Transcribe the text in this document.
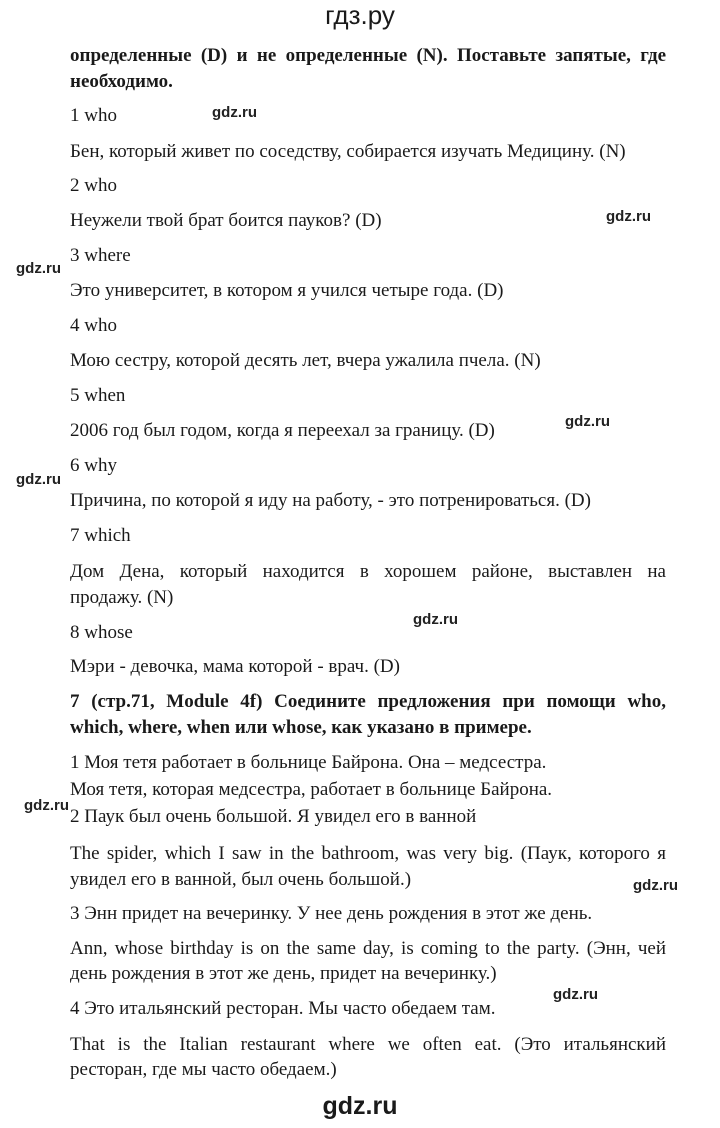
гдз.ру
определенные (D) и не определенные (N). Поставьте запятые, где
необходимо.
1 who
Бен, который живет по соседству, собирается изучать Медицину. (N)
2 who
Неужели твой брат боится пауков? (D)
3 where
Это университет, в котором я учился четыре года. (D)
4 who
Мою сестру, которой десять лет, вчера ужалила пчела. (N)
5 when
2006 год был годом, когда я переехал за границу. (D)
6 why
Причина, по которой я иду на работу, - это потренироваться. (D)
7 which
Дом Дена, который находится в хорошем районе, выставлен на
продажу. (N)
8 whose
Мэри - девочка, мама которой - врач. (D)
7 (стр.71, Module 4f) Соедините предложения при помощи who,
which, where, when или whose, как указано в примере.
1 Моя тетя работает в больнице Байрона. Она – медсестра.
Моя тетя, которая медсестра, работает в больнице Байрона.
2 Паук был очень большой. Я увидел его в ванной
The spider, which I saw in the bathroom, was very big. (Паук, которого я
увидел его в ванной, был очень большой.)
3 Энн придет на вечеринку. У нее день рождения в этот же день.
Ann, whose birthday is on the same day, is coming to the party. (Энн, чей
день рождения в этот же день, придет на вечеринку.)
4 Это итальянский ресторан. Мы часто обедаем там.
That is the Italian restaurant where we often eat. (Это итальянский
ресторан, где мы часто обедаем.)
gdz.ru
gdz.ru
gdz.ru
gdz.ru
gdz.ru
gdz.ru
gdz.ru
gdz.ru
gdz.ru
gdz.ru
